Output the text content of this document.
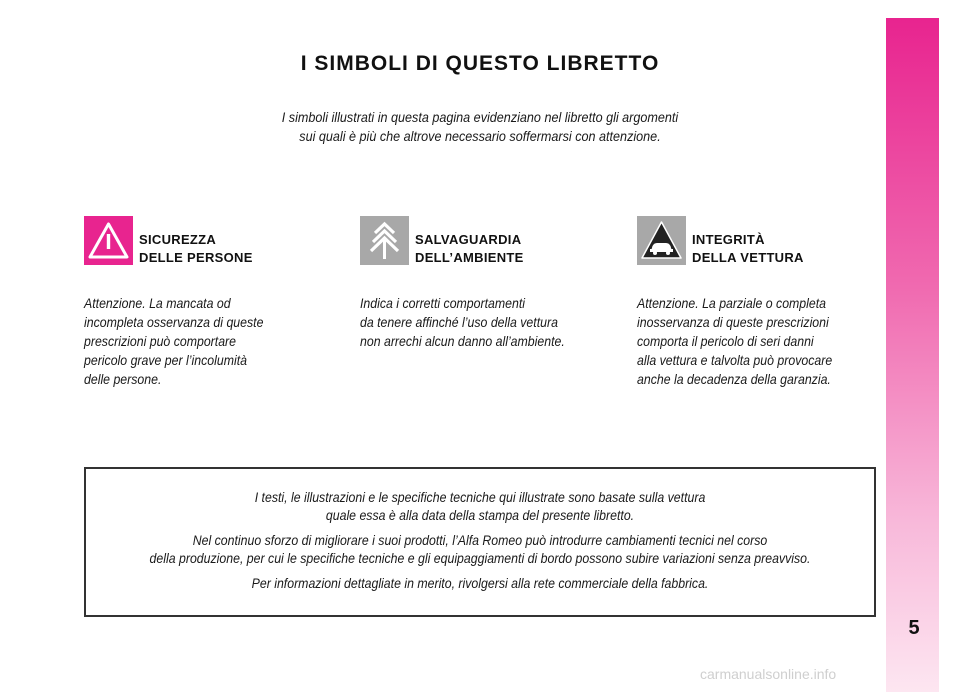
5
I SIMBOLI DI QUESTO LIBRETTO
I simboli illustrati in questa pagina evidenziano nel libretto gli argomenti
sui quali è più che altrove necessario soffermarsi con attenzione.
SICUREZZA
DELLE PERSONE
Attenzione. La mancata od
incompleta osservanza di queste
prescrizioni può comportare
pericolo grave per l’incolumità
delle persone.
SALVAGUARDIA
DELL’AMBIENTE
Indica i corretti comportamenti
da tenere affinché l’uso della vettura
non arrechi alcun danno all’ambiente.
INTEGRITÀ
DELLA VETTURA
Attenzione. La parziale o completa
inosservanza di queste prescrizioni
comporta il pericolo di seri danni
alla vettura e talvolta può provocare
anche la decadenza della garanzia.
I testi, le illustrazioni e le specifiche tecniche qui illustrate sono basate sulla vettura
quale essa è alla data della stampa del presente libretto.
Nel continuo sforzo di migliorare i suoi prodotti, l’Alfa Romeo può introdurre cambiamenti tecnici nel corso
della produzione, per cui le specifiche tecniche e gli equipaggiamenti di bordo possono subire variazioni senza preavviso.
Per informazioni dettagliate in merito, rivolgersi alla rete commerciale della fabbrica.
carmanualsonline.info
